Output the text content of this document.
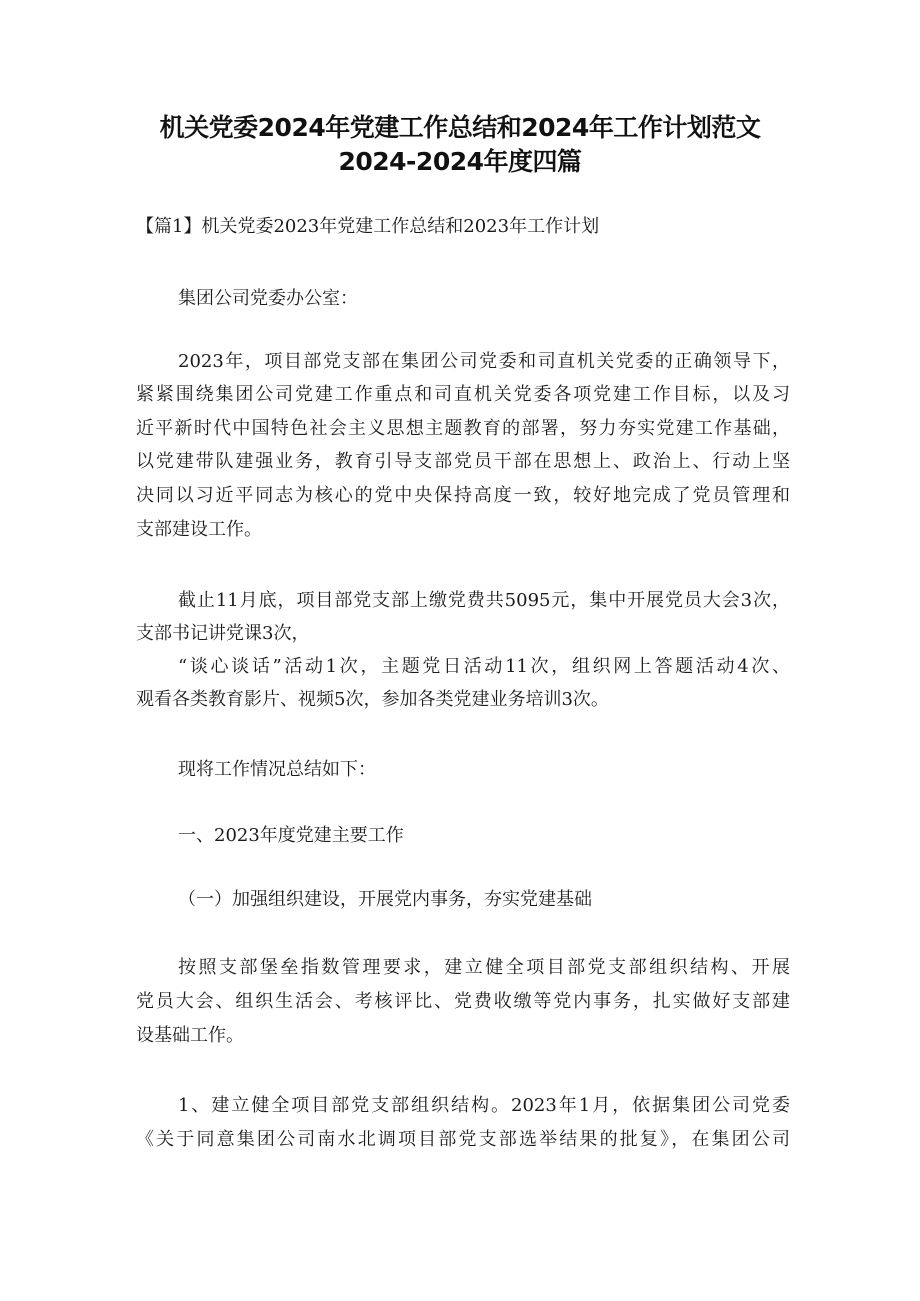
机关党委2024年党建工作总结和2024年工作计划范文
2024-2024年度四篇
【篇1】机关党委2023年党建工作总结和2023年工作计划
集团公司党委办公室：
2023年，项目部党支部在集团公司党委和司直机关党委的正确领导下，
紧紧围绕集团公司党建工作重点和司直机关党委各项党建工作目标，以及习
近平新时代中国特色社会主义思想主题教育的部署，努力夯实党建工作基础，
以党建带队建强业务，教育引导支部党员干部在思想上、政治上、行动上坚
决同以习近平同志为核心的党中央保持高度一致，较好地完成了党员管理和
支部建设工作。
截止11月底，项目部党支部上缴党费共5095元，集中开展党员大会3次，
支部书记讲党课3次，
“谈心谈话”活动1次，主题党日活动11次，组织网上答题活动4次、
观看各类教育影片、视频5次，参加各类党建业务培训3次。
现将工作情况总结如下：
一、2023年度党建主要工作
（一）加强组织建设，开展党内事务，夯实党建基础
按照支部堡垒指数管理要求，建立健全项目部党支部组织结构、开展
党员大会、组织生活会、考核评比、党费收缴等党内事务，扎实做好支部建
设基础工作。
1、建立健全项目部党支部组织结构。2023年1月，依据集团公司党委
《关于同意集团公司南水北调项目部党支部选举结果的批复》，在集团公司
